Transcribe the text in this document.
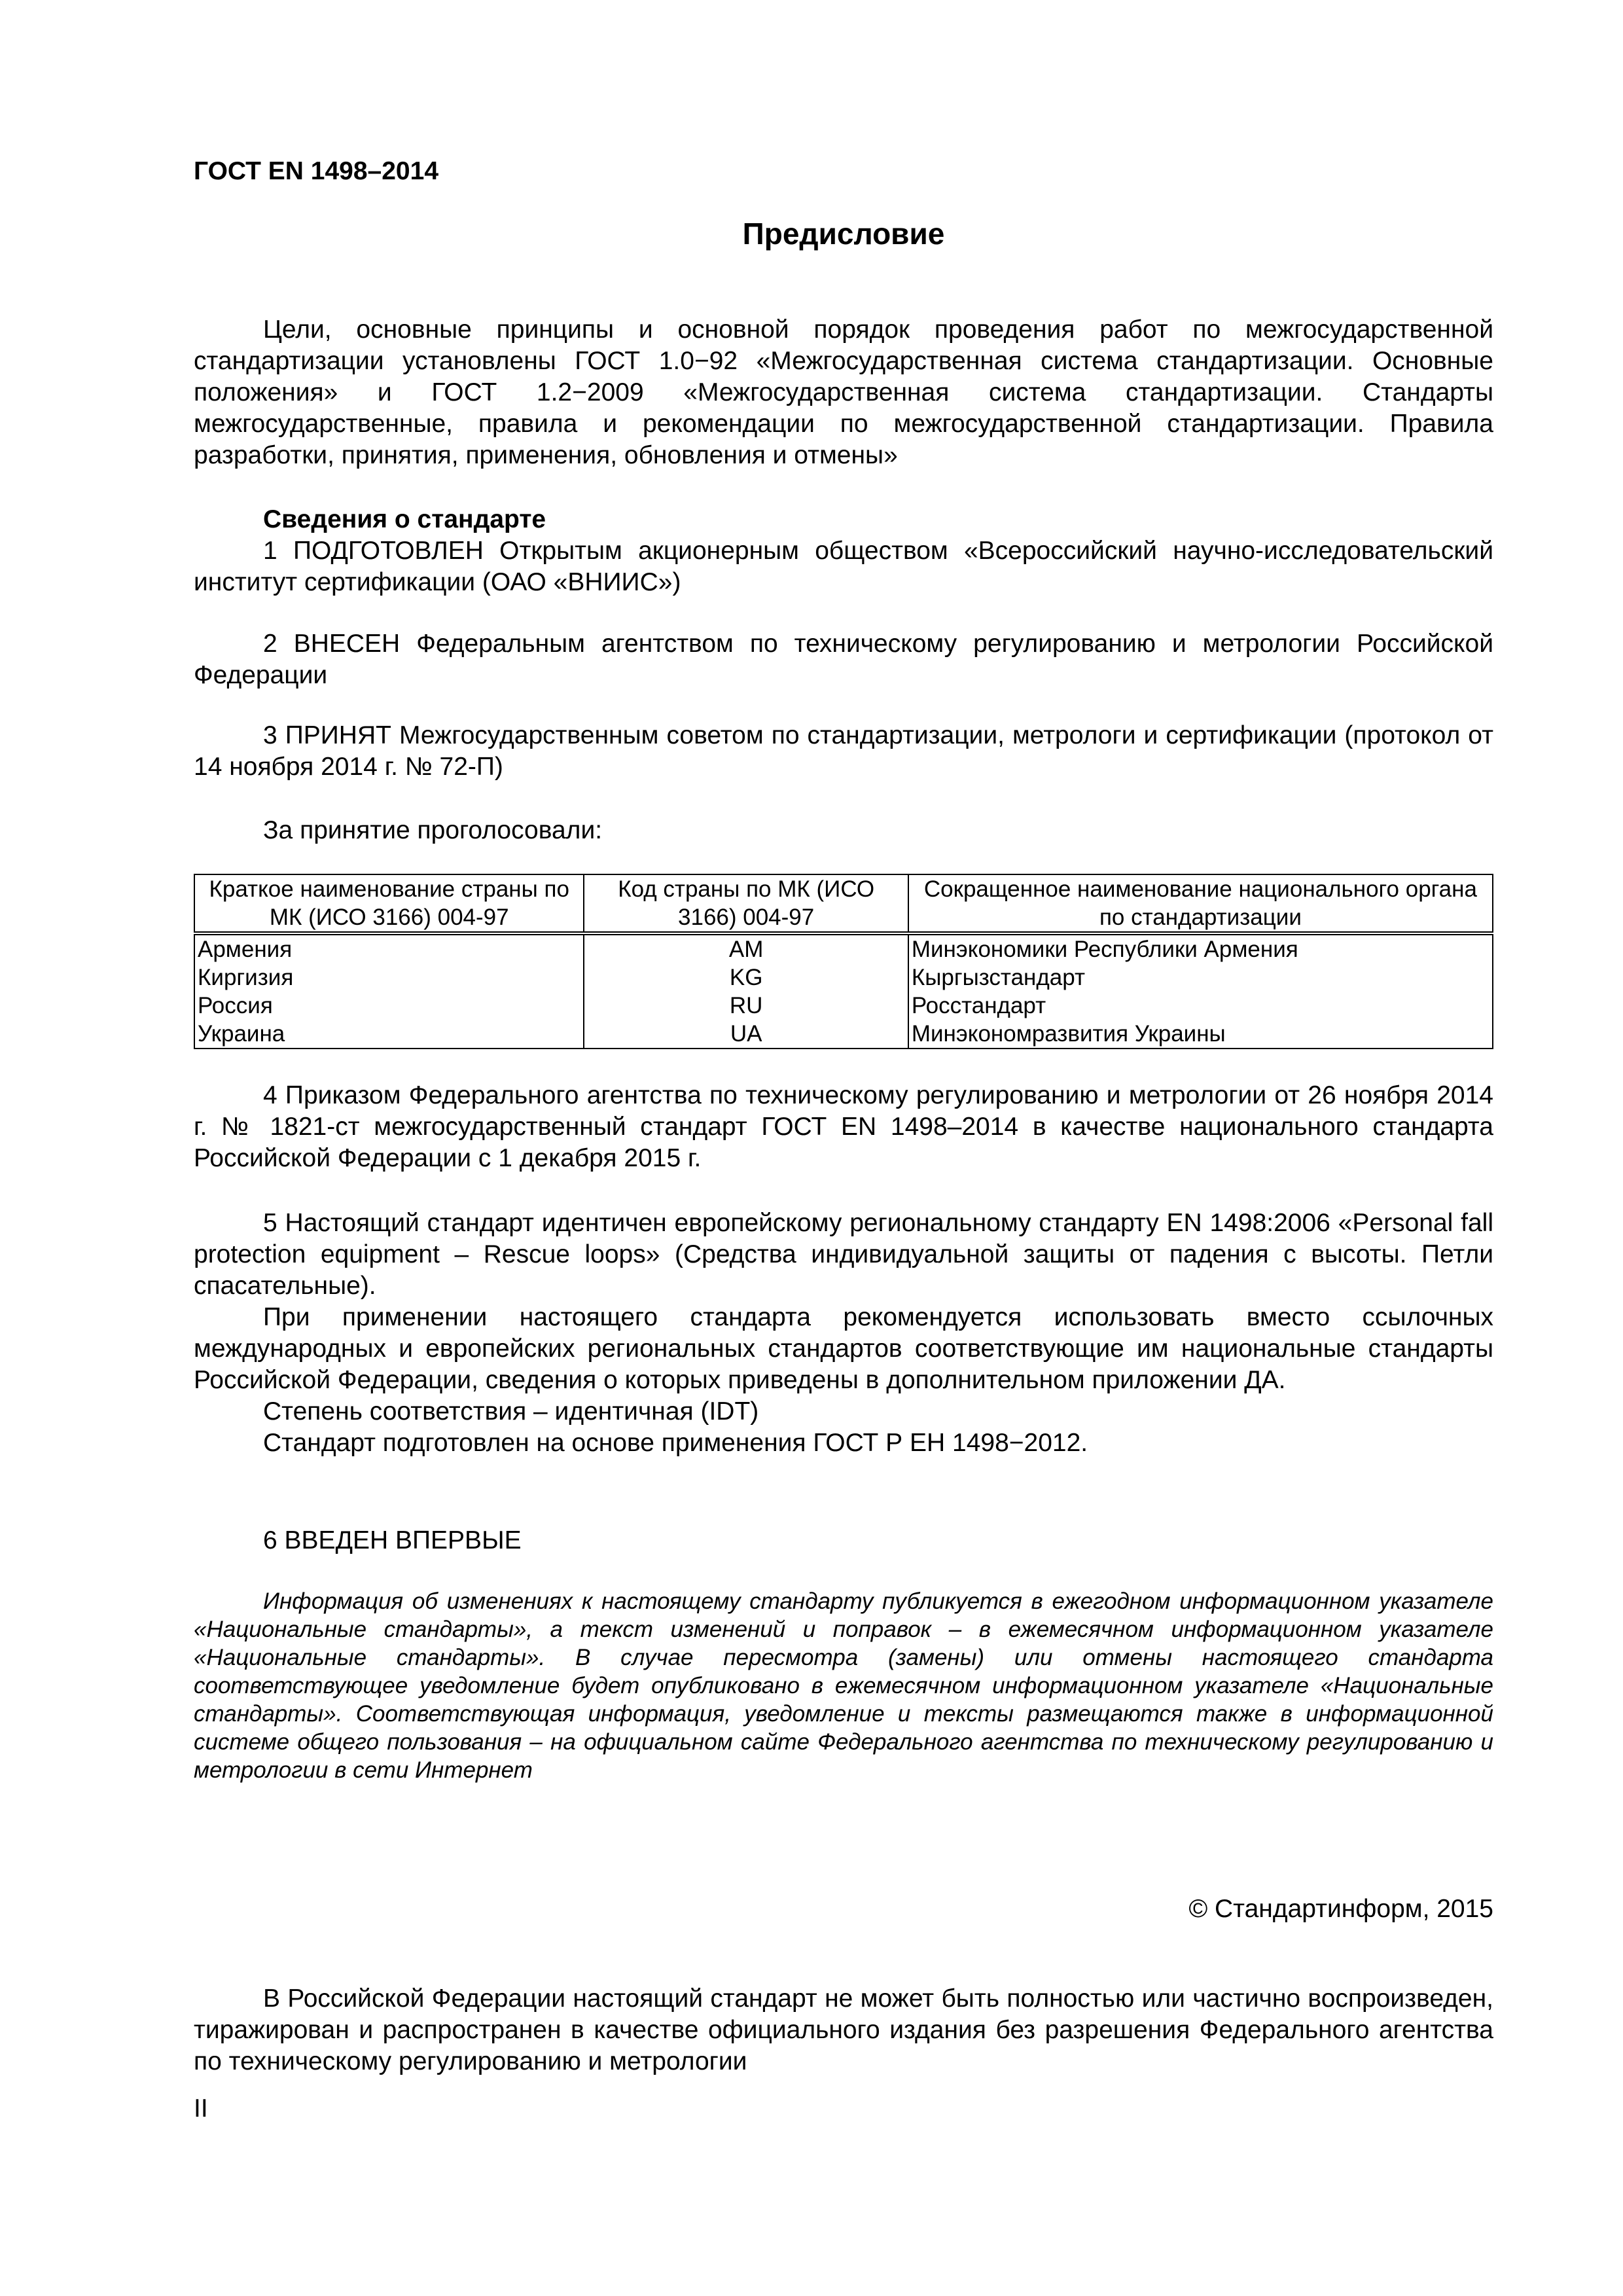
ГОСТ EN 1498–2014
Предисловие
Цели, основные принципы и основной порядок проведения работ по межгосударственной стандартизации установлены ГОСТ 1.0−92 «Межгосударственная система стандартизации. Основные положения» и ГОСТ 1.2−2009 «Межгосударственная система стандартизации. Стандарты межгосударственные, правила и рекомендации по межгосударственной стандартизации. Правила разработки, принятия, применения, обновления и отмены»

Сведения о стандарте

1 ПОДГОТОВЛЕН Открытым акционерным обществом «Всероссийский научно-исследовательский институт сертификации (ОАО «ВНИИС»)

2 ВНЕСЕН Федеральным агентством по техническому регулированию и метрологии Российской Федерации
3 ПРИНЯТ Межгосударственным советом по стандартизации, метрологи и сертификации (протокол от 14 ноября 2014 г. № 72-П)
За принятие проголосовали:
Краткое наименование страны по МК (ИСО 3166) 004-97	Код страны по МК (ИСО 3166) 004-97	Сокращенное наименование национального органа по стандартизации
Армения	AM	Минэкономики Республики Армения
Киргизия	KG	Кыргызстандарт
Россия	RU	Росстандарт
Украина	UA	Минэкономразвития Украины
4 Приказом Федерального агентства по техническому регулированию и метрологии от 26 ноября 2014 г. № 1821-ст межгосударственный стандарт ГОСТ EN 1498–2014 в качестве национального стандарта Российской Федерации с 1 декабря 2015 г.

5 Настоящий стандарт идентичен европейскому региональному стандарту EN 1498:2006 «Personal fall protection equipment – Rescue loops» (Средства индивидуальной защиты от падения с высоты. Петли спасательные).

При применении настоящего стандарта рекомендуется использовать вместо ссылочных международных и европейских региональных стандартов соответствующие им национальные стандарты Российской Федерации, сведения о которых приведены в дополнительном приложении ДА.

Степень соответствия – идентичная (IDT)

Стандарт подготовлен на основе применения ГОСТ Р ЕН 1498−2012.

6 ВВЕДЕН ВПЕРВЫЕ
Информация об изменениях к настоящему стандарту публикуется в ежегодном информационном указателе «Национальные стандарты», а текст изменений и поправок – в ежемесячном информационном указателе «Национальные стандарты». В случае пересмотра (замены) или отмены настоящего стандарта соответствующее уведомление будет опубликовано в ежемесячном информационном указателе «Национальные стандарты». Соответствующая информация, уведомление и тексты размещаются также в информационной системе общего пользования – на официальном сайте Федерального агентства по техническому регулированию и метрологии в сети Интернет
© Стандартинформ, 2015
В Российской Федерации настоящий стандарт не может быть полностью или частично воспроизведен, тиражирован и распространен в качестве официального издания без разрешения Федерального агентства по техническому регулированию и метрологии
II
